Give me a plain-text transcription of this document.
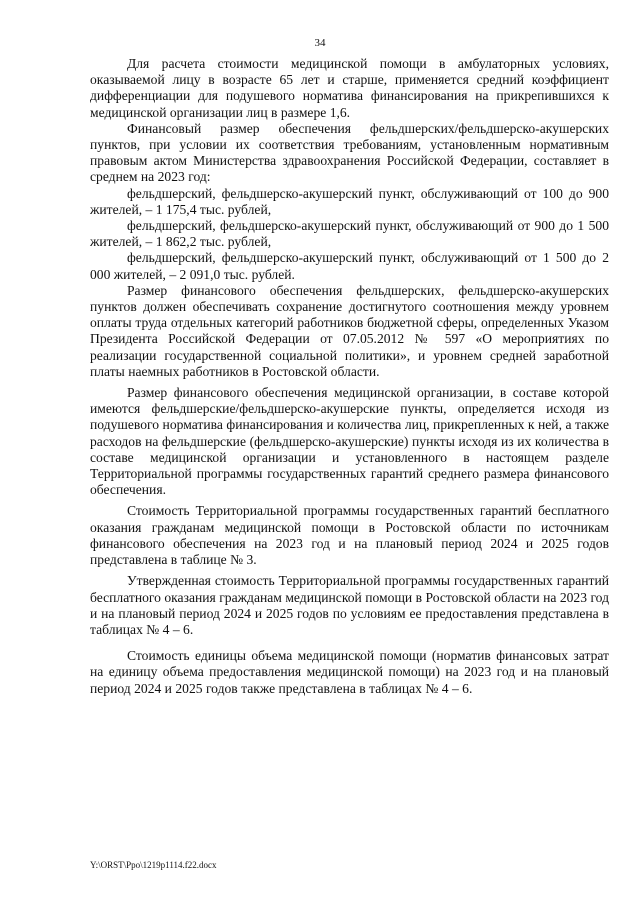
34

Для расчета стоимости медицинской помощи в амбулаторных условиях, оказываемой лицу в возрасте 65 лет и старше, применяется средний коэффициент дифференциации для подушевого норматива финансирования на прикрепившихся к медицинской организации лиц в размере 1,6.

Финансовый размер обеспечения фельдшерских/фельдшерско-акушерских пунктов, при условии их соответствия требованиям, установленным нормативным правовым актом Министерства здравоохранения Российской Федерации, составляет в среднем на 2023 год:

фельдшерский, фельдшерско-акушерский пункт, обслуживающий от 100 до 900 жителей, – 1 175,4 тыс. рублей,

фельдшерский, фельдшерско-акушерский пункт, обслуживающий от 900 до 1 500 жителей, – 1 862,2 тыс. рублей,

фельдшерский, фельдшерско-акушерский пункт, обслуживающий от 1 500 до 2 000 жителей, – 2 091,0 тыс. рублей.

Размер финансового обеспечения фельдшерских, фельдшерско-акушерских пунктов должен обеспечивать сохранение достигнутого соотношения между уровнем оплаты труда отдельных категорий работников бюджетной сферы, определенных Указом Президента Российской Федерации от 07.05.2012 № 597 «О мероприятиях по реализации государственной социальной политики», и уровнем средней заработной платы наемных работников в Ростовской области.

Размер финансового обеспечения медицинской организации, в составе которой имеются фельдшерские/фельдшерско-акушерские пункты, определяется исходя из подушевого норматива финансирования и количества лиц, прикрепленных к ней, а также расходов на фельдшерские (фельдшерско-акушерские) пункты исходя из их количества в составе медицинской организации и установленного в настоящем разделе Территориальной программы государственных гарантий среднего размера финансового обеспечения.

Стоимость Территориальной программы государственных гарантий бесплатного оказания гражданам медицинской помощи в Ростовской области по источникам финансового обеспечения на 2023 год и на плановый период 2024 и 2025 годов представлена в таблице № 3.

Утвержденная стоимость Территориальной программы государственных гарантий бесплатного оказания гражданам медицинской помощи в Ростовской области на 2023 год и на плановый период 2024 и 2025 годов по условиям ее предоставления представлена в таблицах № 4 – 6.

Стоимость единицы объема медицинской помощи (норматив финансовых затрат на единицу объема предоставления медицинской помощи) на 2023 год и на плановый период 2024 и 2025 годов также представлена в таблицах № 4 – 6.

Y:\ORST\Ppo\1219p1114.f22.docx
